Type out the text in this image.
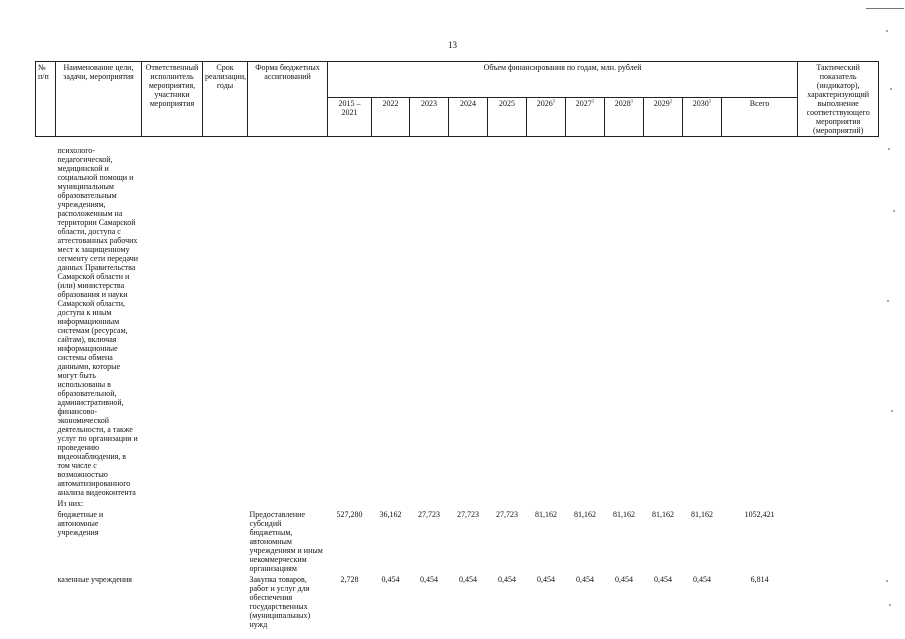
13
№ п/п	Наименование цели, задачи, мероприятия	Ответственный исполнитель мероприятия, участники мероприятия	Срок реализации, годы	Форма бюджетных ассигнований	Объем финансирования по годам, млн. рублей											Тактический показатель (индикатор), характеризующий выполнение соответствующего мероприятия (мероприятий)
					2015 – 2021	2022	2023	2024	2025	2026$^1$	2027$^1$	2028$^1$	2029$^1$	2030$^1$	Всего	
	психолого-педагогической, медицинской и социальной помощи и муниципальным образовательным учреждениям, расположенным на территории Самарской области, доступа с аттестованных рабочих мест к защищенному сегменту сети передачи данных Правительства Самарской области и (или) министерства образования и науки Самарской области, доступа к иным информационным системам (ресурсам, сайтам), включая информационные системы обмена данными, которые могут быть использованы в образовательной, административной, финансово-экономической деятельности, а также услуг по организации и проведению видеонаблюдения, в том числе с возможностью автоматизированного анализа видеоконтента															
	Из них:															
	бюджетные и автономные учреждения			Предоставление субсидий бюджетным, автономным учреждениям и иным некоммерческим организациям	527,280	36,162	27,723	27,723	27,723	81,162	81,162	81,162	81,162	81,162	1052,421	
	казенные учреждения			Закупка товаров, работ и услуг для обеспечения государственных (муниципальных) нужд	2,728	0,454	0,454	0,454	0,454	0,454	0,454	0,454	0,454	0,454	6,814	
